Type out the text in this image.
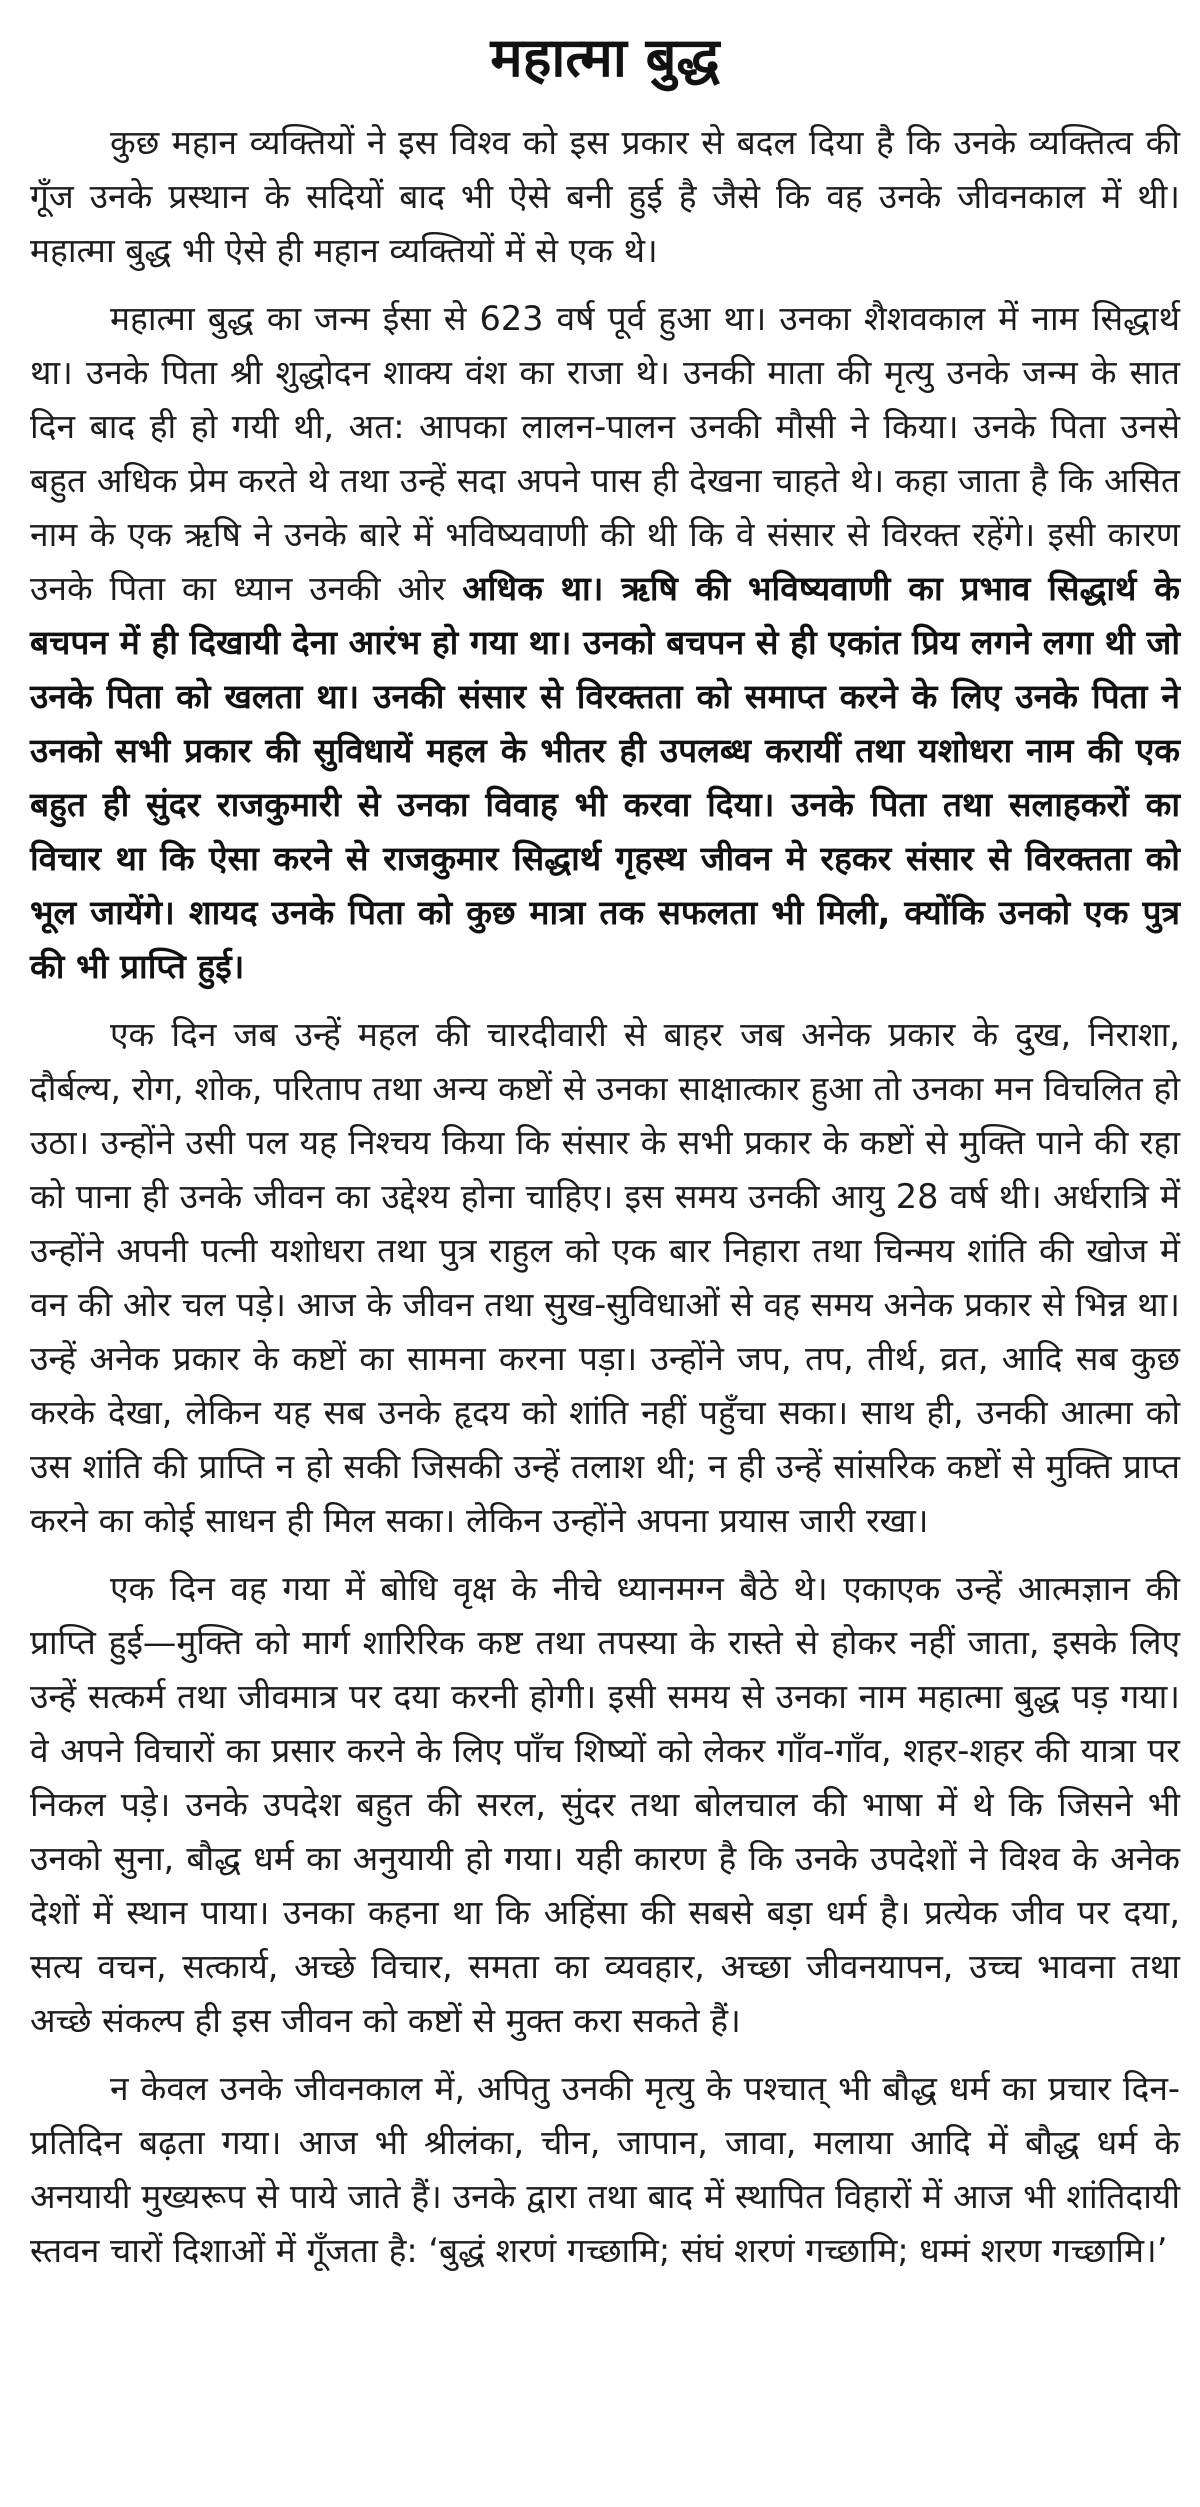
महात्मा बुद्ध

कुछ महान व्यक्तियों ने इस विश्व को इस प्रकार से बदल दिया है कि उनके व्यक्तित्व की गूँज उनके प्रस्थान के सदियों बाद भी ऐसे बनी हुई है जैसे कि वह उनके जीवनकाल में थी। महात्मा बुद्ध भी ऐसे ही महान व्यक्तियों में से एक थे।

महात्मा बुद्ध का जन्म ईसा से 623 वर्ष पूर्व हुआ था। उनका शैशवकाल में नाम सिद्धार्थ था। उनके पिता श्री शुद्धोदन शाक्य वंश का राजा थे। उनकी माता की मृत्यु उनके जन्म के सात दिन बाद ही हो गयी थी, अत: आपका लालन-पालन उनकी मौसी ने किया। उनके पिता उनसे बहुत अधिक प्रेम करते थे तथा उन्हें सदा अपने पास ही देखना चाहते थे। कहा जाता है कि असित नाम के एक ऋषि ने उनके बारे में भविष्यवाणी की थी कि वे संसार से विरक्त रहेंगे। इसी कारण उनके पिता का ध्यान उनकी ओर अधिक था। ऋषि की भविष्यवाणी का प्रभाव सिद्धार्थ के बचपन में ही दिखायी देना आरंभ हो गया था। उनको बचपन से ही एकांत प्रिय लगने लगा थी जो उनके पिता को खलता था। उनकी संसार से विरक्तता को समाप्त करने के लिए उनके पिता ने उनको सभी प्रकार की सुविधायें महल के भीतर ही उपलब्ध करायीं तथा यशोधरा नाम की एक बहुत ही सुंदर राजकुमारी से उनका विवाह भी करवा दिया। उनके पिता तथा सलाहकरों का विचार था कि ऐसा करने से राजकुमार सिद्धार्थ गृहस्थ जीवन मे रहकर संसार से विरक्तता को भूल जायेंगे। शायद उनके पिता को कुछ मात्रा तक सफलता भी मिली, क्योंकि उनको एक पुत्र की भी प्राप्ति हुई।

एक दिन जब उन्हें महल की चारदीवारी से बाहर जब अनेक प्रकार के दुख, निराशा, दौर्बल्य, रोग, शोक, परिताप तथा अन्य कष्टों से उनका साक्षात्कार हुआ तो उनका मन विचलित हो उठा। उन्होंने उसी पल यह निश्चय किया कि संसार के सभी प्रकार के कष्टों से मुक्ति पाने की रहा को पाना ही उनके जीवन का उद्देश्य होना चाहिए। इस समय उनकी आयु 28 वर्ष थी। अर्धरात्रि में उन्होंने अपनी पत्नी यशोधरा तथा पुत्र राहुल को एक बार निहारा तथा चिन्मय शांति की खोज में वन की ओर चल पड़े। आज के जीवन तथा सुख-सुविधाओं से वह समय अनेक प्रकार से भिन्न था। उन्हें अनेक प्रकार के कष्टों का सामना करना पड़ा। उन्होंने जप, तप, तीर्थ, व्रत, आदि सब कुछ करके देखा, लेकिन यह सब उनके हृदय को शांति नहीं पहुँचा सका। साथ ही, उनकी आत्मा को उस शांति की प्राप्ति न हो सकी जिसकी उन्हें तलाश थी; न ही उन्हें सांसरिक कष्टों से मुक्ति प्राप्त करने का कोई साधन ही मिल सका। लेकिन उन्होंने अपना प्रयास जारी रखा।

एक दिन वह गया में बोधि वृक्ष के नीचे ध्यानमग्न बैठे थे। एकाएक उन्हें आत्मज्ञान की प्राप्ति हुई—मुक्ति को मार्ग शारिरिक कष्ट तथा तपस्या के रास्ते से होकर नहीं जाता, इसके लिए उन्हें सत्कर्म तथा जीवमात्र पर दया करनी होगी। इसी समय से उनका नाम महात्मा बुद्ध पड़ गया। वे अपने विचारों का प्रसार करने के लिए पाँच शिष्यों को लेकर गाँव-गाँव, शहर-शहर की यात्रा पर निकल पड़े। उनके उपदेश बहुत की सरल, सुंदर तथा बोलचाल की भाषा में थे कि जिसने भी उनको सुना, बौद्ध धर्म का अनुयायी हो गया। यही कारण है कि उनके उपदेशों ने विश्व के अनेक देशों में स्थान पाया। उनका कहना था कि अहिंसा की सबसे बड़ा धर्म है। प्रत्येक जीव पर दया, सत्य वचन, सत्कार्य, अच्छे विचार, समता का व्यवहार, अच्छा जीवनयापन, उच्च भावना तथा अच्छे संकल्प ही इस जीवन को कष्टों से मुक्त करा सकते हैं।

न केवल उनके जीवनकाल में, अपितु उनकी मृत्यु के पश्चात् भी बौद्ध धर्म का प्रचार दिन-प्रतिदिन बढ़ता गया। आज भी श्रीलंका, चीन, जापान, जावा, मलाया आदि में बौद्ध धर्म के अनयायी मुख्यरूप से पाये जाते हैं। उनके द्वारा तथा बाद में स्थापित विहारों में आज भी शांतिदायी स्तवन चारों दिशाओं में गूँजता है: ‘बुद्धं शरणं गच्छामि; संघं शरणं गच्छामि; धम्मं शरण गच्छामि।’
